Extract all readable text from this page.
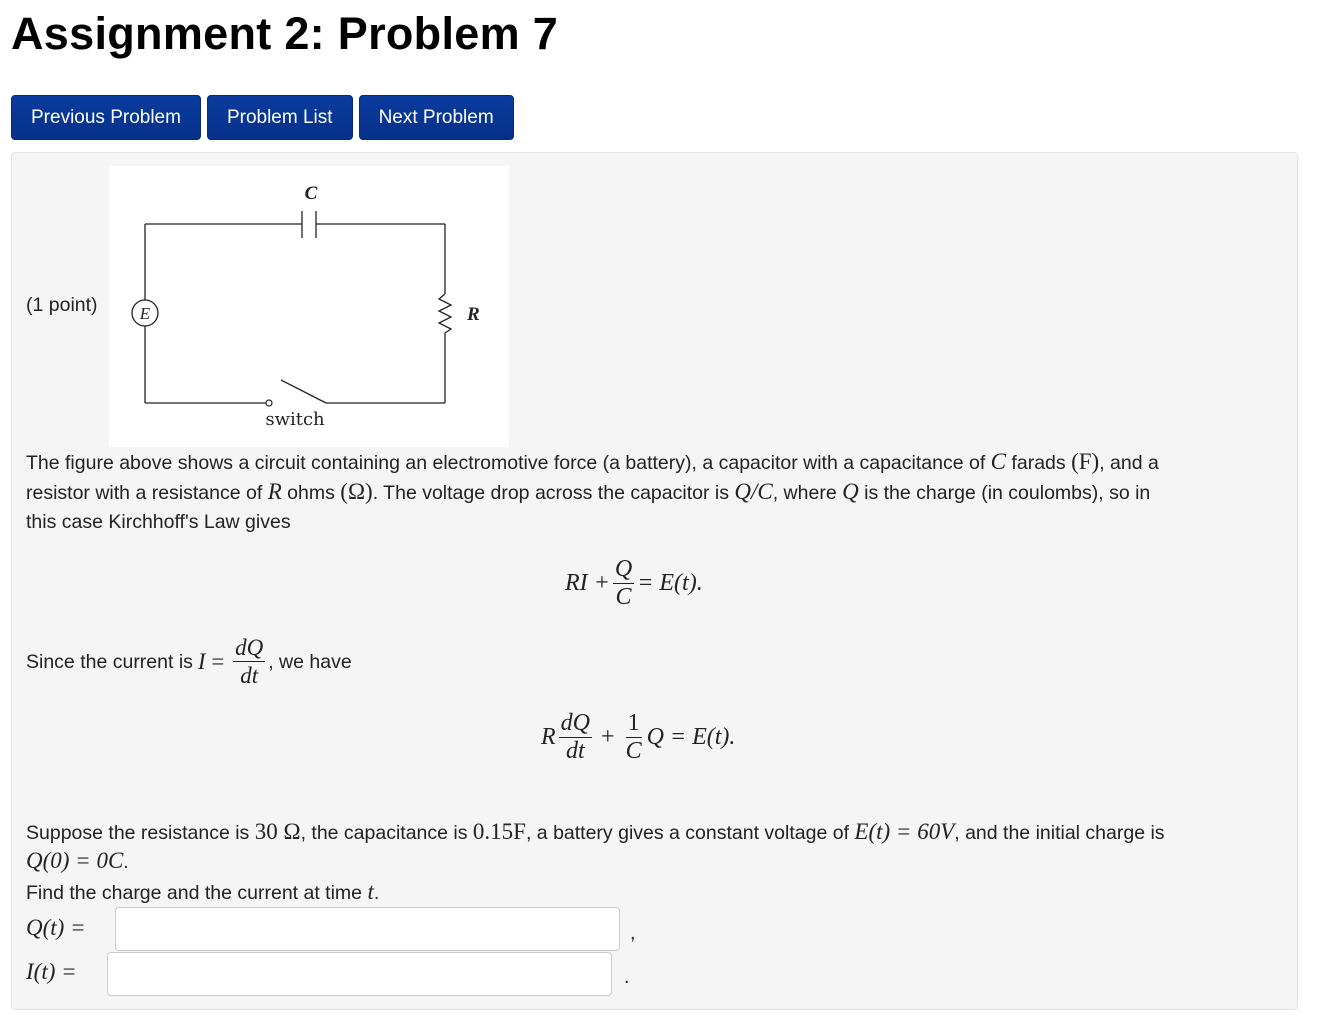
Assignment 2: Problem 7
Previous Problem	Problem List	Next Problem
(1 point) E
C
R
switch
The figure above shows a circuit containing an electromotive force (a battery), a capacitor with a capacitance of C farads (F), and a
resistor with a resistance of R ohms (Ω). The voltage drop across the capacitor is Q/C, where Q is the charge (in coulombs), so in
this case Kirchhoff's Law gives
RI + $\frac{Q}{C} = E(t)$.
Since the current is $I = \frac{dQ}{dt}$ , we have
R $\frac{dQ}{dt} + \frac{1}{C}$ Q = E(t).
Suppose the resistance is 30 Ω, the capacitance is 0.15F, a battery gives a constant voltage of E(t) = 60V, and the initial charge is
Q(0) = 0C.
Find the charge and the current at time t.
Q(t) =	,
I(t) =	.
